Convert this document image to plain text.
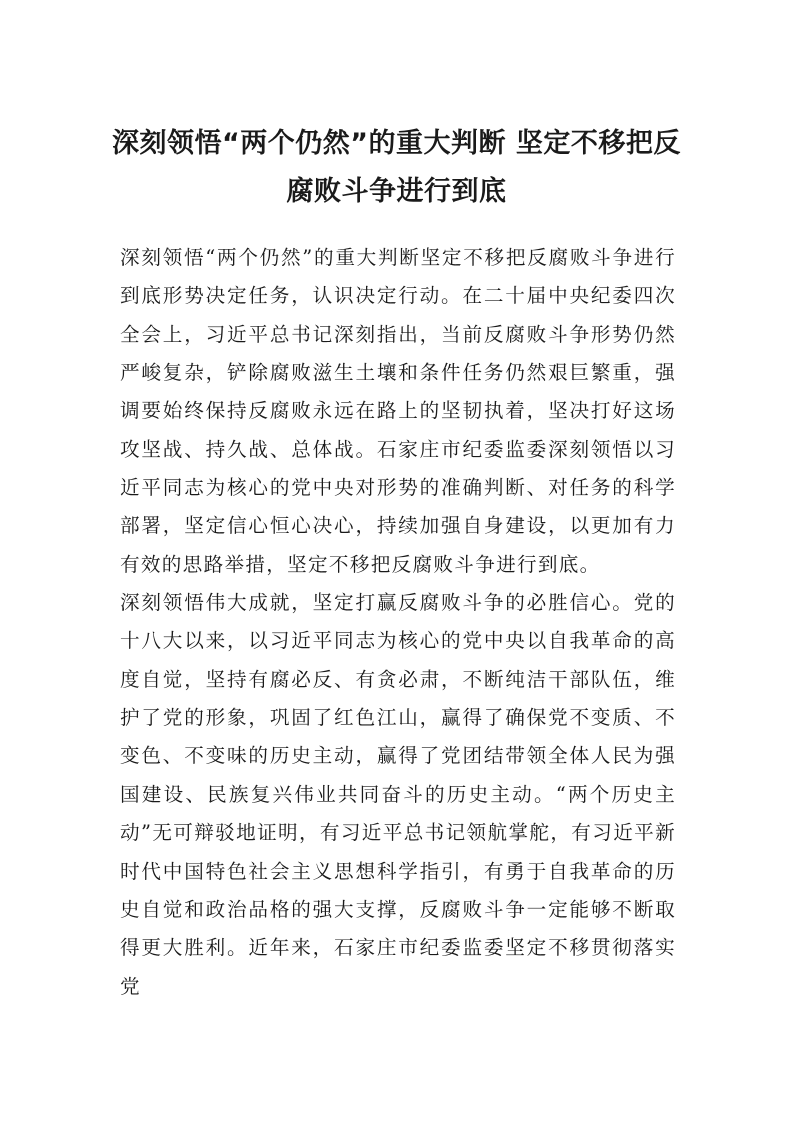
深刻领悟“两个仍然”的重大判断 坚定不移把反腐败斗争进行到底

深刻领悟“两个仍然”的重大判断坚定不移把反腐败斗争进行到底形势决定任务，认识决定行动。在二十届中央纪委四次全会上，习近平总书记深刻指出，当前反腐败斗争形势仍然严峻复杂，铲除腐败滋生土壤和条件任务仍然艰巨繁重，强调要始终保持反腐败永远在路上的坚韧执着，坚决打好这场攻坚战、持久战、总体战。石家庄市纪委监委深刻领悟以习近平同志为核心的党中央对形势的准确判断、对任务的科学部署，坚定信心恒心决心，持续加强自身建设，以更加有力有效的思路举措，坚定不移把反腐败斗争进行到底。

深刻领悟伟大成就，坚定打赢反腐败斗争的必胜信心。党的十八大以来，以习近平同志为核心的党中央以自我革命的高度自觉，坚持有腐必反、有贪必肃，不断纯洁干部队伍，维护了党的形象，巩固了红色江山，赢得了确保党不变质、不变色、不变味的历史主动，赢得了党团结带领全体人民为强国建设、民族复兴伟业共同奋斗的历史主动。“两个历史主动”无可辩驳地证明，有习近平总书记领航掌舵，有习近平新时代中国特色社会主义思想科学指引，有勇于自我革命的历史自觉和政治品格的强大支撑，反腐败斗争一定能够不断取得更大胜利。近年来，石家庄市纪委监委坚定不移贯彻落实党
